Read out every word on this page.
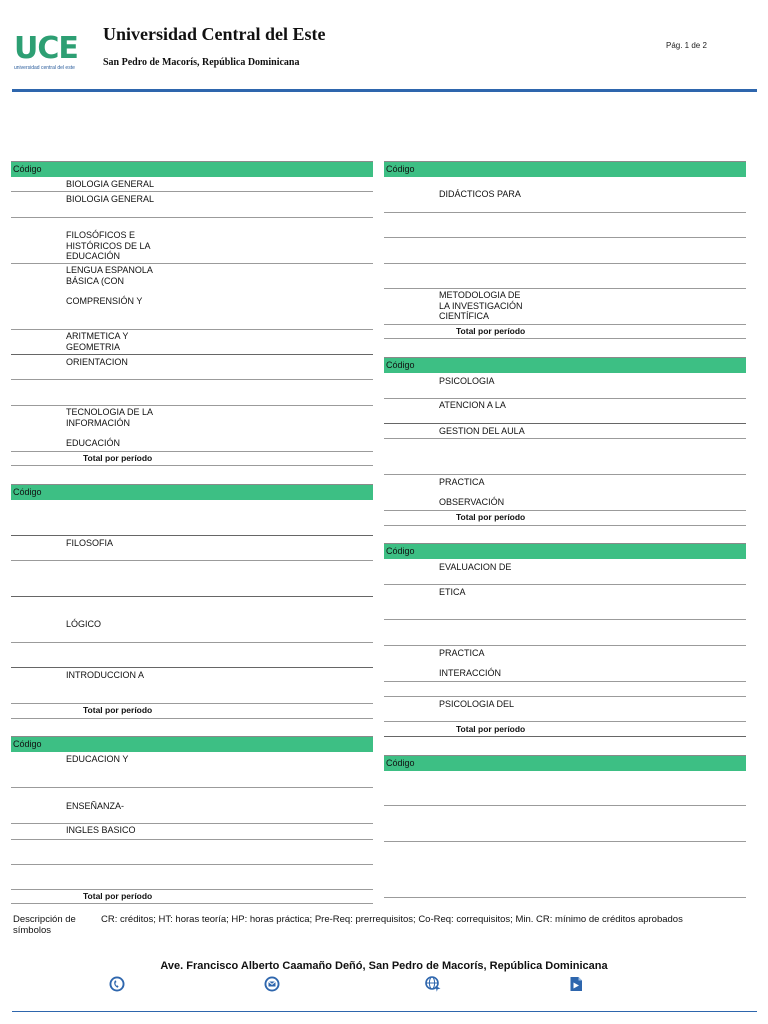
UCE
universidad central del este
Universidad Central del Este
San Pedro de Macorís, República Dominicana
Pág. 1 de 2
Código
BIOLOGIA GENERAL
BIOLOGIA GENERAL
FILOSÓFICOS E
HISTÓRICOS DE LA
EDUCACIÓN
LENGUA ESPANOLA
BÁSICA (CON
COMPRENSIÓN Y
ARITMETICA Y
GEOMETRIA
ORIENTACION
TECNOLOGIA DE LA
INFORMACIÓN
EDUCACIÓN
Total por período
Código
FILOSOFIA
LÓGICO
INTRODUCCION A
Total por período
Código
EDUCACION Y
ENSEÑANZA-
INGLES BASICO
Total por período
Código
DIDÁCTICOS PARA
METODOLOGIA DE
LA INVESTIGACIÓN
CIENTÍFICA
Total por período
Código
PSICOLOGIA
ATENCION A LA
GESTION DEL AULA
PRACTICA
OBSERVACIÓN
Total por período
Código
EVALUACION DE
ETICA
PRACTICA
INTERACCIÓN
PSICOLOGIA DEL
Total por período
Código
Descripción de símbolos
CR: créditos; HT: horas teoría; HP: horas práctica; Pre-Req: prerrequisitos; Co-Req: correquisitos; Min. CR: mínimo de créditos aprobados
Ave. Francisco Alberto Caamaño Deñó, San Pedro de Macorís, República Dominicana
